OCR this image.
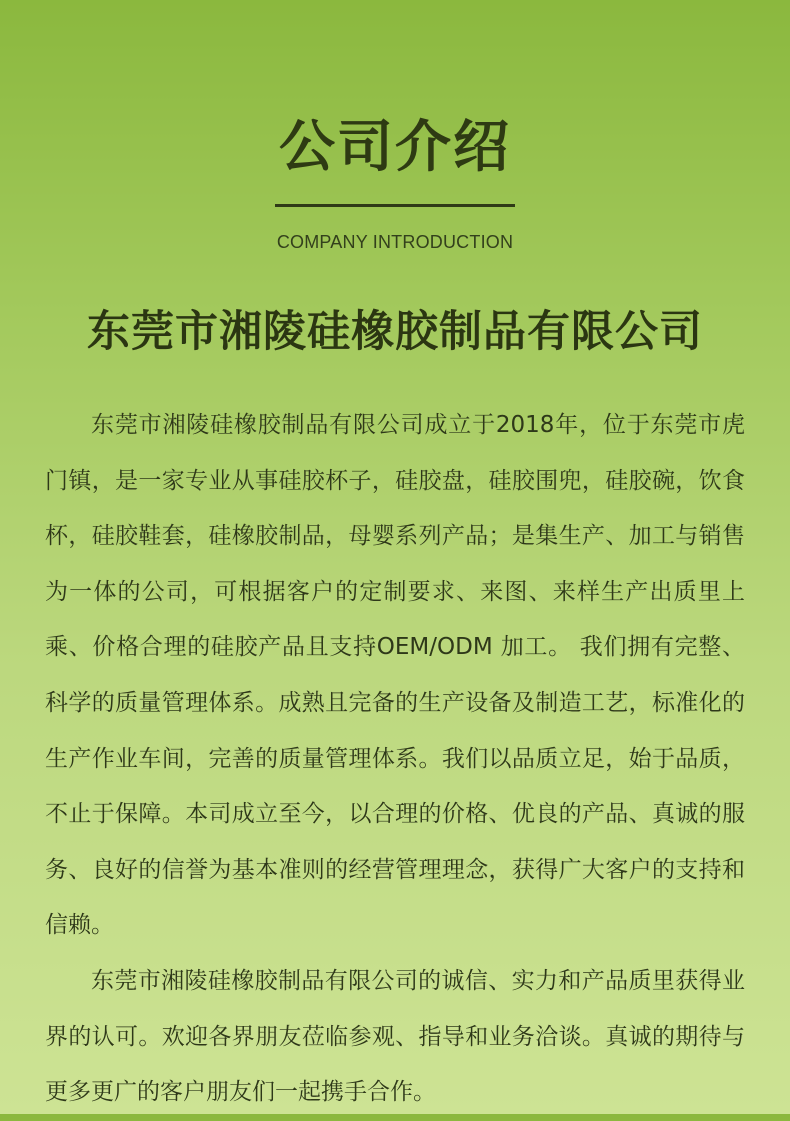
公司介绍
COMPANY INTRODUCTION
东莞市湘陵硅橡胶制品有限公司

东莞市湘陵硅橡胶制品有限公司成立于2018年，位于东莞市虎门镇，是一家专业从事硅胶杯子，硅胶盘，硅胶围兜，硅胶碗，饮食杯，硅胶鞋套，硅橡胶制品，母婴系列产品；是集生产、加工与销售为一体的公司，可根据客户的定制要求、来图、来样生产出质里上乘、价格合理的硅胶产品且支持OEM/ODM 加工。 我们拥有完整、科学的质量管理体系。成熟且完备的生产设备及制造工艺，标准化的生产作业车间，完善的质量管理体系。我们以品质立足，始于品质，不止于保障。本司成立至今，以合理的价格、优良的产品、真诚的服务、良好的信誉为基本准则的经营管理理念，获得广大客户的支持和信赖。

东莞市湘陵硅橡胶制品有限公司的诚信、实力和产品质里获得业界的认可。欢迎各界朋友莅临参观、指导和业务洽谈。真诚的期待与更多更广的客户朋友们一起携手合作。
